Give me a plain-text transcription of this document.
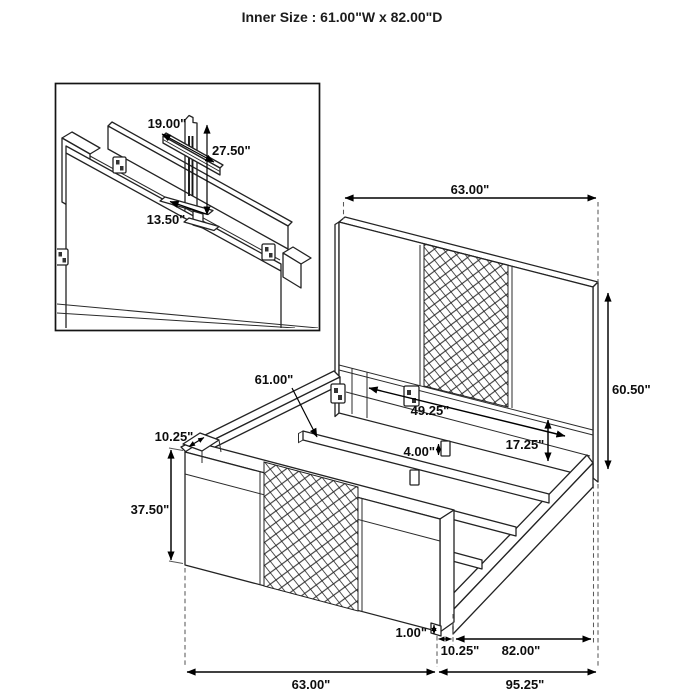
Inner Size : 61.00"W x 82.00"D
63.00"
60.50"
61.00"
49.25"
4.00"	17.25"
10.25"
37.50"
1.00"
10.25" 82.00"
63.00"	95.25"
19.00"
27.50"
13.50"
